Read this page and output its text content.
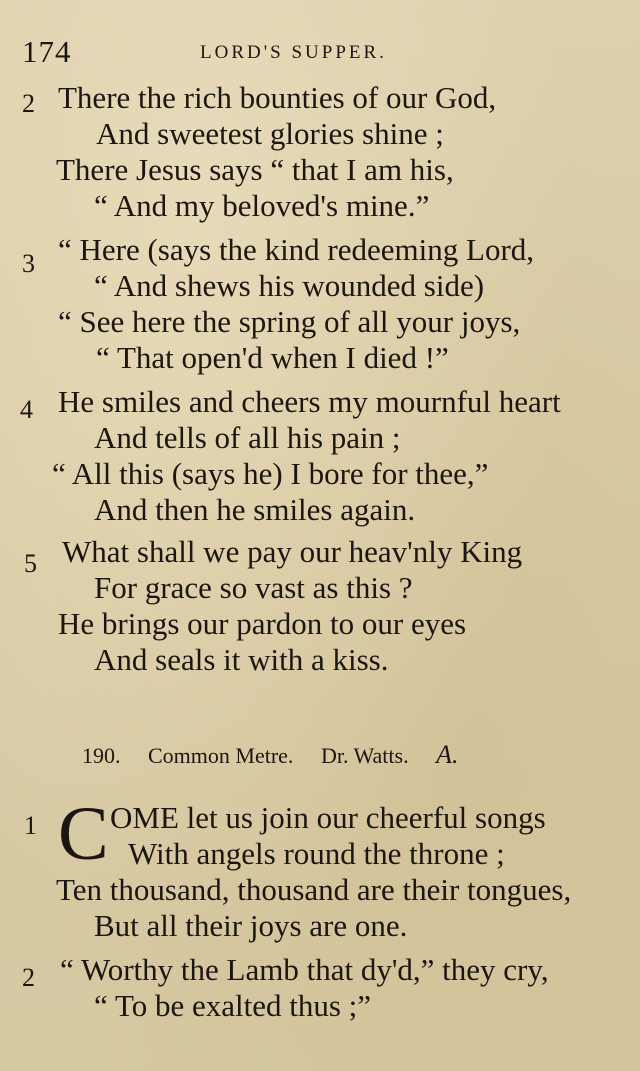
174	LORD'S SUPPER.
2 There the rich bounties of our God,
And sweetest glories shine ;
There Jesus says “ that I am his,
“ And my beloved's mine.”
3 “ Here (says the kind redeeming Lord,
“ And shews his wounded side)
“ See here the spring of all your joys,
“ That open'd when I died !”
4 He smiles and cheers my mournful heart
And tells of all his pain ;
“ All this (says he) I bore for thee,”
And then he smiles again.
5 What shall we pay our heav'nly King
For grace so vast as this ?
He brings our pardon to our eyes
And seals it with a kiss.
190. Common Metre. Dr. Watts. A.
1 C OME let us join our cheerful songs
With angels round the throne ;
Ten thousand, thousand are their tongues,
But all their joys are one.
2 “ Worthy the Lamb that dy'd,” they cry,
“ To be exalted thus ;”
